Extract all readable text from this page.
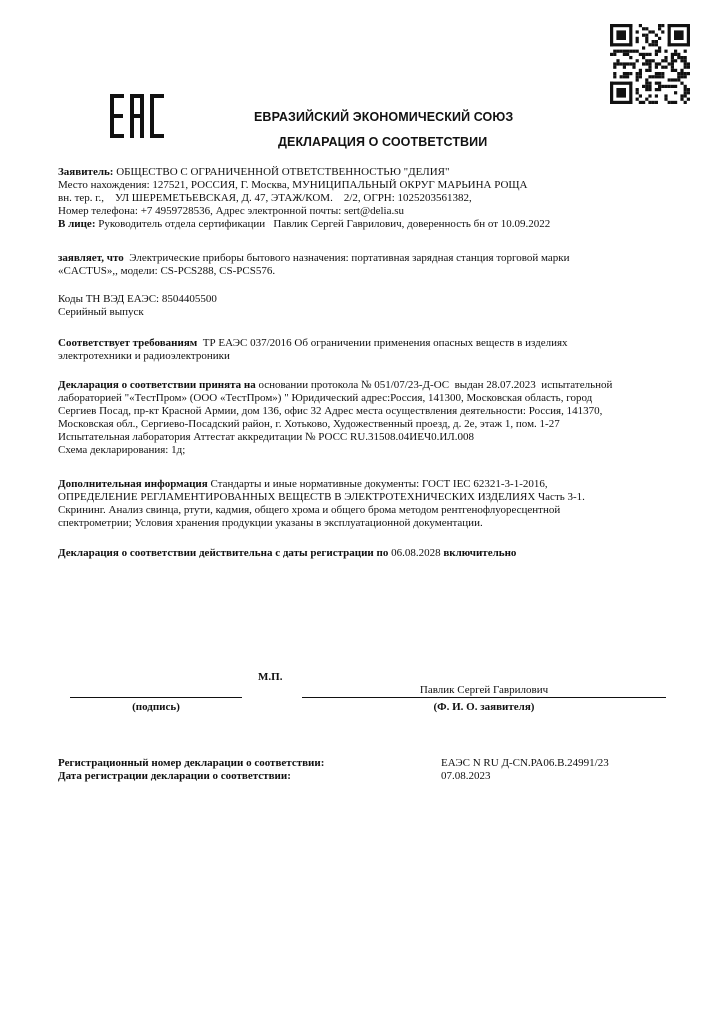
ЕВРАЗИЙСКИЙ ЭКОНОМИЧЕСКИЙ СОЮЗ
ДЕКЛАРАЦИЯ О СООТВЕТСТВИИ
Заявитель: ОБЩЕСТВО С ОГРАНИЧЕННОЙ ОТВЕТСТВЕННОСТЬЮ "ДЕЛИЯ"
Место нахождения: 127521, РОССИЯ, Г. Москва, МУНИЦИПАЛЬНЫЙ ОКРУГ МАРЬИНА РОЩА
вн. тер. г.,    УЛ ШЕРЕМЕТЬЕВСКАЯ, Д. 47, ЭТАЖ/КОМ.    2/2, ОГРН: 1025203561382,
Номер телефона: +7 4959728536, Адрес электронной почты: sert@delia.su
В лице: Руководитель отдела сертификации   Павлик Сергей Гаврилович, доверенность бн от 10.09.2022
заявляет, что  Электрические приборы бытового назначения: портативная зарядная станция торговой марки
«CACTUS»,, модели: CS-PCS288, CS-PCS576.
Коды ТН ВЭД ЕАЭС: 8504405500
Серийный выпуск
Соответствует требованиям  ТР ЕАЭС 037/2016 Об ограничении применения опасных веществ в изделиях
электротехники и радиоэлектроники
Декларация о соответствии принята на основании протокола № 051/07/23-Д-ОС  выдан 28.07.2023  испытательной
лабораторией "«ТестПром» (ООО «ТестПром») " Юридический адрес:Россия, 141300, Московская область, город
Сергиев Посад, пр-кт Красной Армии, дом 136, офис 32 Адрес места осуществления деятельности: Россия, 141370,
Московская обл., Сергиево-Посадский район, г. Хотьково, Художественный проезд, д. 2е, этаж 1, пом. 1-27
Испытательная лаборатория Аттестат аккредитации № РОСС RU.31508.04ИЕЧ0.ИЛ.008
Схема декларирования: 1д;
Дополнительная информация Стандарты и иные нормативные документы: ГОСТ IEC 62321-3-1-2016,
ОПРЕДЕЛЕНИЕ РЕГЛАМЕНТИРОВАННЫХ ВЕЩЕСТВ В ЭЛЕКТРОТЕХНИЧЕСКИХ ИЗДЕЛИЯХ Часть 3-1.
Скрининг. Анализ свинца, ртути, кадмия, общего хрома и общего брома методом рентгенофлуоресцентной
спектрометрии; Условия хранения продукции указаны в эксплуатационной документации.
Декларация о соответствии действительна с даты регистрации по 06.08.2028 включительно
М.П.
(подпись)
Павлик Сергей Гаврилович
(Ф. И. О. заявителя)
Регистрационный номер декларации о соответствии:	ЕАЭС N RU Д-CN.РА06.В.24991/23
Дата регистрации декларации о соответствии:	07.08.2023
